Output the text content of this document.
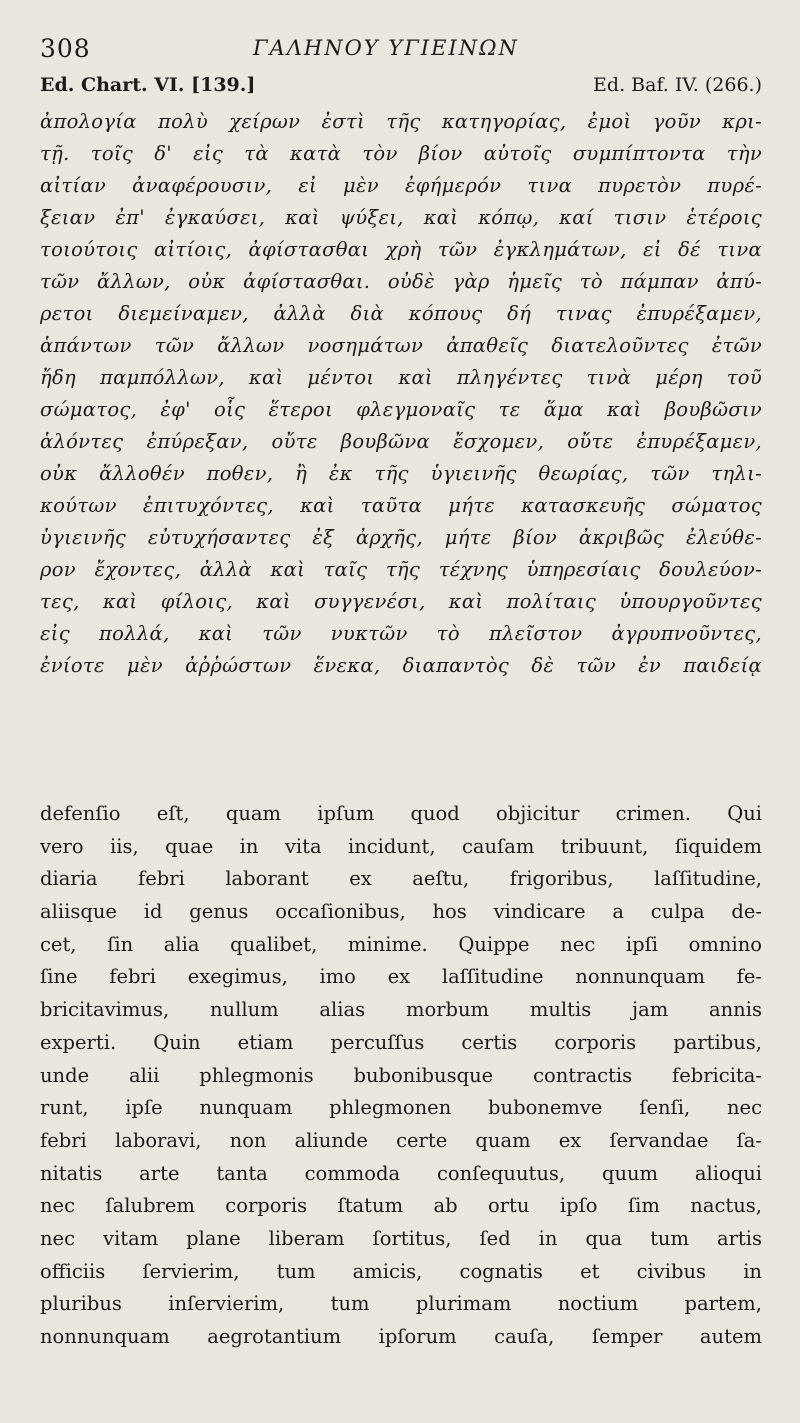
308	ΓΑΛΗΝΟΥ ΥΓΙΕΙΝΩΝ
Ed. Chart. VI. [139.]	Ed. Baf. IV. (266.)
ἀπολογία πολὺ χείρων ἐστὶ τῆς κατηγορίας, ἐμοὶ γοῦν κρι-
τῇ. τοῖς δ' εἰς τὰ κατὰ τὸν βίον αὐτοῖς συμπίπτοντα τὴν
αἰτίαν ἀναφέρουσιν, εἰ μὲν ἐφήμερόν τινα πυρετὸν πυρέ-
ξειαν ἐπ' ἐγκαύσει, καὶ ψύξει, καὶ κόπῳ, καί τισιν ἑτέροις
τοιούτοις αἰτίοις, ἀφίστασθαι χρὴ τῶν ἐγκλημάτων, εἰ δέ τινα
τῶν ἄλλων, οὐκ ἀφίστασθαι. οὐδὲ γὰρ ἡμεῖς τὸ πάμπαν ἀπύ-
ρετοι διεμείναμεν, ἀλλὰ διὰ κόπους δή τινας ἐπυρέξαμεν,
ἁπάντων τῶν ἄλλων νοσημάτων ἀπαθεῖς διατελοῦντες ἐτῶν
ἤδη παμπόλλων, καὶ μέντοι καὶ πληγέντες τινὰ μέρη τοῦ
σώματος, ἐφ' οἷς ἕτεροι φλεγμοναῖς τε ἅμα καὶ βουβῶσιν
ἁλόντες ἐπύρεξαν, οὔτε βουβῶνα ἔσχομεν, οὔτε ἐπυρέξαμεν,
οὐκ ἄλλοθέν ποθεν, ἢ ἐκ τῆς ὑγιεινῆς θεωρίας, τῶν τηλι-
κούτων ἐπιτυχόντες, καὶ ταῦτα μήτε κατασκευῆς σώματος
ὑγιεινῆς εὐτυχήσαντες ἐξ ἀρχῆς, μήτε βίον ἀκριβῶς ἐλεύθε-
ρον ἔχοντες, ἀλλὰ καὶ ταῖς τῆς τέχνης ὑπηρεσίαις δουλεύον-
τες, καὶ φίλοις, καὶ συγγενέσι, καὶ πολίταις ὑπουργοῦντες
εἰς πολλά, καὶ τῶν νυκτῶν τὸ πλεῖστον ἀγρυπνοῦντες,
ἐνίοτε μὲν ἀῤῥώστων ἕνεκα, διαπαντὸς δὲ τῶν ἐν παιδείᾳ
defenſio eſt, quam ipſum quod objicitur crimen. Qui
vero iis, quae in vita incidunt, cauſam tribuunt, ſiquidem
diaria febri laborant ex aeſtu, frigoribus, laſſitudine,
aliisque id genus occaſionibus, hos vindicare a culpa de-
cet, ſin alia qualibet, minime. Quippe nec ipſi omnino
ſine febri exegimus, imo ex laſſitudine nonnunquam fe-
bricitavimus, nullum alias morbum multis jam annis
experti. Quin etiam percuſſus certis corporis partibus,
unde alii phlegmonis bubonibusque contractis febricita-
runt, ipſe nunquam phlegmonen bubonemve ſenſi, nec
febri laboravi, non aliunde certe quam ex ſervandae ſa-
nitatis arte tanta commoda conſequutus, quum alioqui
nec ſalubrem corporis ſtatum ab ortu ipſo ſim nactus,
nec vitam plane liberam ſortitus, ſed in qua tum artis
officiis ſervierim, tum amicis, cognatis et civibus in
pluribus inſervierim, tum plurimam noctium partem,
nonnunquam aegrotantium ipſorum cauſa, ſemper autem
